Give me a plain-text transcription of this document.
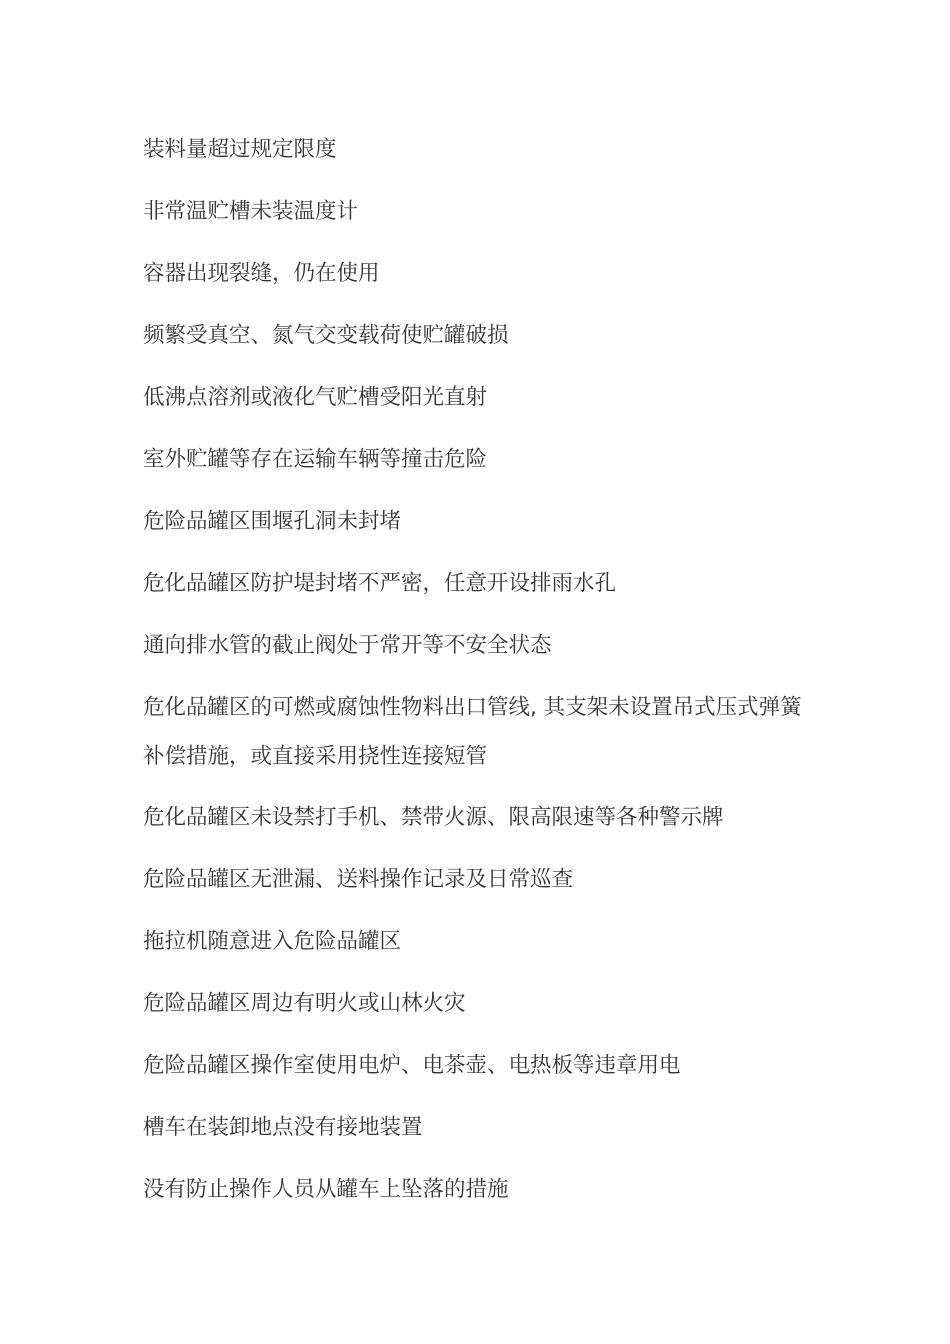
装料量超过规定限度
非常温贮槽未装温度计
容器出现裂缝，仍在使用
频繁受真空、氮气交变载荷使贮罐破损
低沸点溶剂或液化气贮槽受阳光直射
室外贮罐等存在运输车辆等撞击危险
危险品罐区围堰孔洞未封堵
危化品罐区防护堤封堵不严密，任意开设排雨水孔
通向排水管的截止阀处于常开等不安全状态
危化品罐区的可燃或腐蚀性物料出口管线, 其支架未设置吊式压式弹簧补偿措施，或直接采用挠性连接短管
危化品罐区未设禁打手机、禁带火源、限高限速等各种警示牌
危险品罐区无泄漏、送料操作记录及日常巡查
拖拉机随意进入危险品罐区
危险品罐区周边有明火或山林火灾
危险品罐区操作室使用电炉、电茶壶、电热板等违章用电
槽车在装卸地点没有接地装置
没有防止操作人员从罐车上坠落的措施
